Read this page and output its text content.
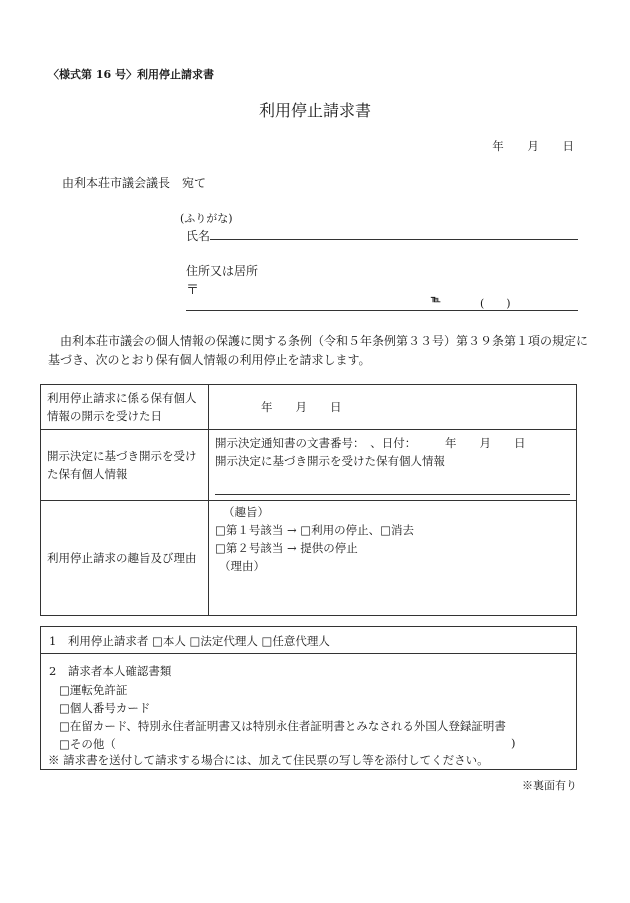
〈様式第 16 号〉利用停止請求書
利用停止請求書
年 月 日
由利本荘市議会議長　宛て
(ふりがな)
氏名
住所又は居所
〒
℡	(　　)
由利本荘市議会の個人情報の保護に関する条例（令和５年条例第３３号）第３９条第１項の規定に基づき、次のとおり保有個人情報の利用停止を請求します。
利用停止請求に係る保有個人情報の開示を受けた日	年　　月　　日
開示決定に基づき開示を受けた保有個人情報	開示決定通知書の文書番号：　、日付：　　　年　　月　　日
開示決定に基づき開示を受けた保有個人情報

利用停止請求の趣旨及び理由	（趣旨）
□第１号該当 → □利用の停止、□消去
□第２号該当 → 提供の停止
（理由）
1　利用停止請求者 □本人 □法定代理人 □任意代理人
2　請求者本人確認書類
□運転免許証
□個人番号カード
□在留カード、特別永住者証明書又は特別永住者証明書とみなされる外国人登録証明書
□その他（	)
※ 請求書を送付して請求する場合には、加えて住民票の写し等を添付してください。
※裏面有り
